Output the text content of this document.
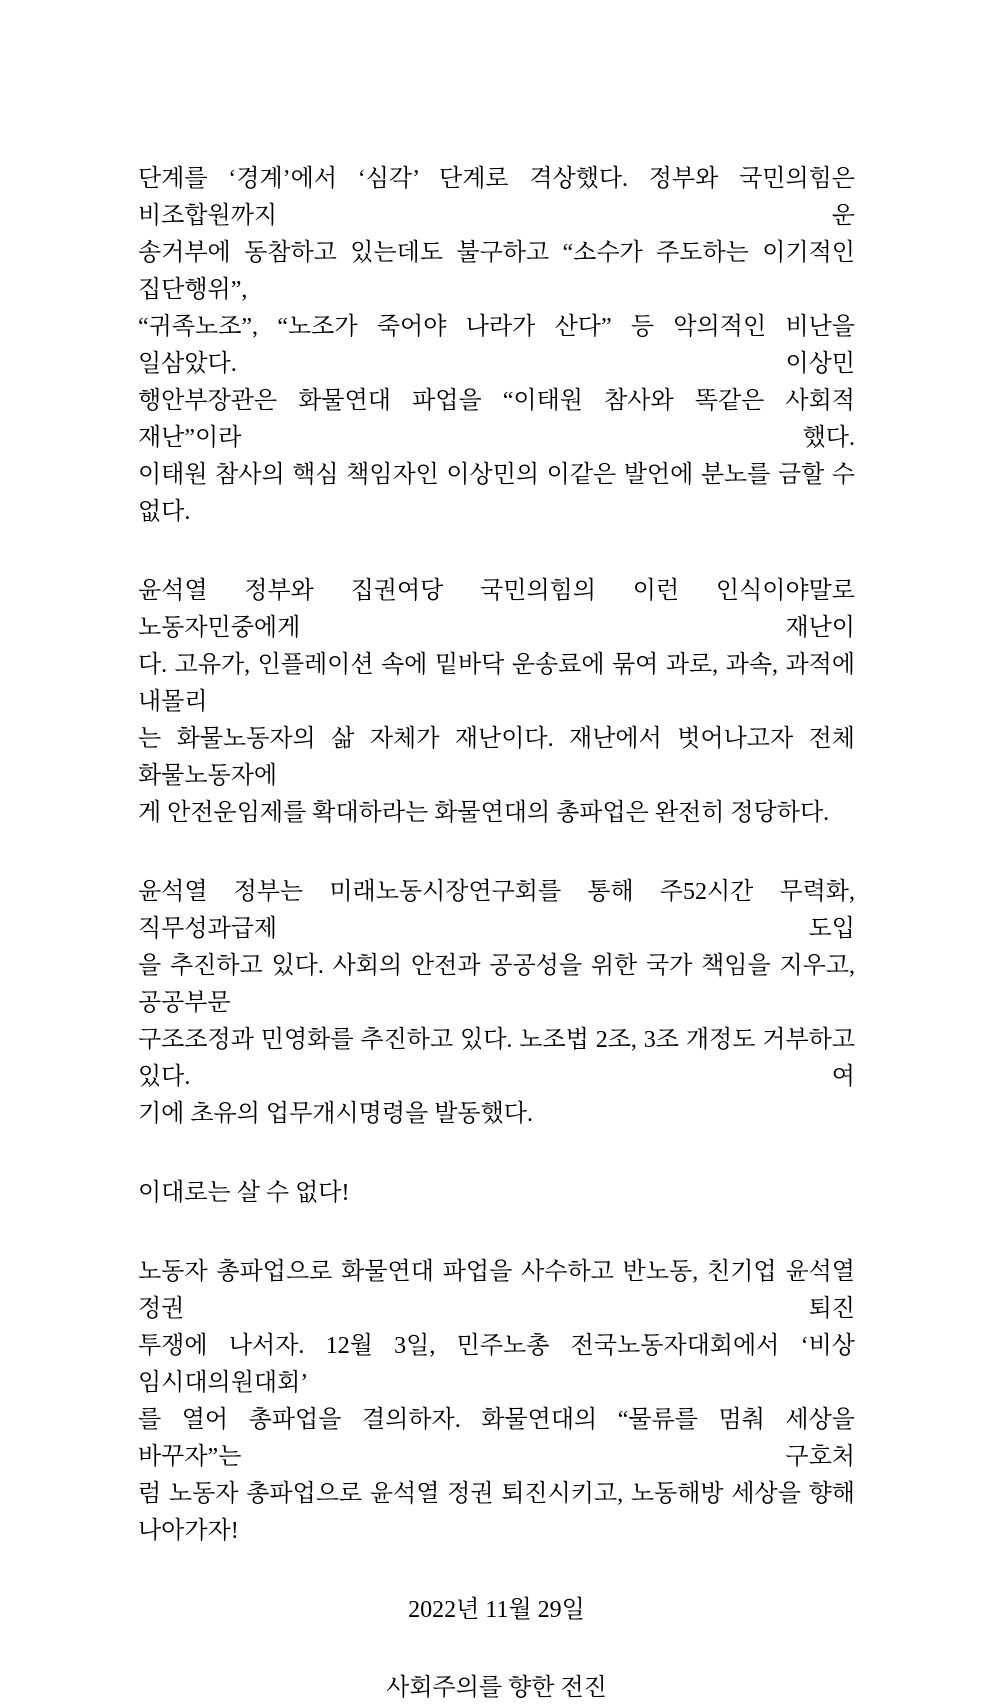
단계를 ‘경계’에서 ‘심각’ 단계로 격상했다. 정부와 국민의힘은 비조합원까지 운
송거부에 동참하고 있는데도 불구하고 “소수가 주도하는 이기적인 집단행위”,
“귀족노조”, “노조가 죽어야 나라가 산다” 등 악의적인 비난을 일삼았다. 이상민
행안부장관은 화물연대 파업을 “이태원 참사와 똑같은 사회적 재난”이라 했다.
이태원 참사의 핵심 책임자인 이상민의 이같은 발언에 분노를 금할 수 없다.
윤석열 정부와 집권여당 국민의힘의 이런 인식이야말로 노동자민중에게 재난이
다. 고유가, 인플레이션 속에 밑바닥 운송료에 묶여 과로, 과속, 과적에 내몰리
는 화물노동자의 삶 자체가 재난이다. 재난에서 벗어나고자 전체 화물노동자에
게 안전운임제를 확대하라는 화물연대의 총파업은 완전히 정당하다.
윤석열 정부는 미래노동시장연구회를 통해 주52시간 무력화, 직무성과급제 도입
을 추진하고 있다. 사회의 안전과 공공성을 위한 국가 책임을 지우고, 공공부문
구조조정과 민영화를 추진하고 있다. 노조법 2조, 3조 개정도 거부하고 있다. 여
기에 초유의 업무개시명령을 발동했다.
이대로는 살 수 없다!
노동자 총파업으로 화물연대 파업을 사수하고 반노동, 친기업 윤석열 정권 퇴진
투쟁에 나서자. 12월 3일, 민주노총 전국노동자대회에서 ‘비상 임시대의원대회’
를 열어 총파업을 결의하자. 화물연대의 “물류를 멈춰 세상을 바꾸자”는 구호처
럼 노동자 총파업으로 윤석열 정권 퇴진시키고, 노동해방 세상을 향해 나아가자!
2022년 11월 29일
사회주의를 향한 전진
